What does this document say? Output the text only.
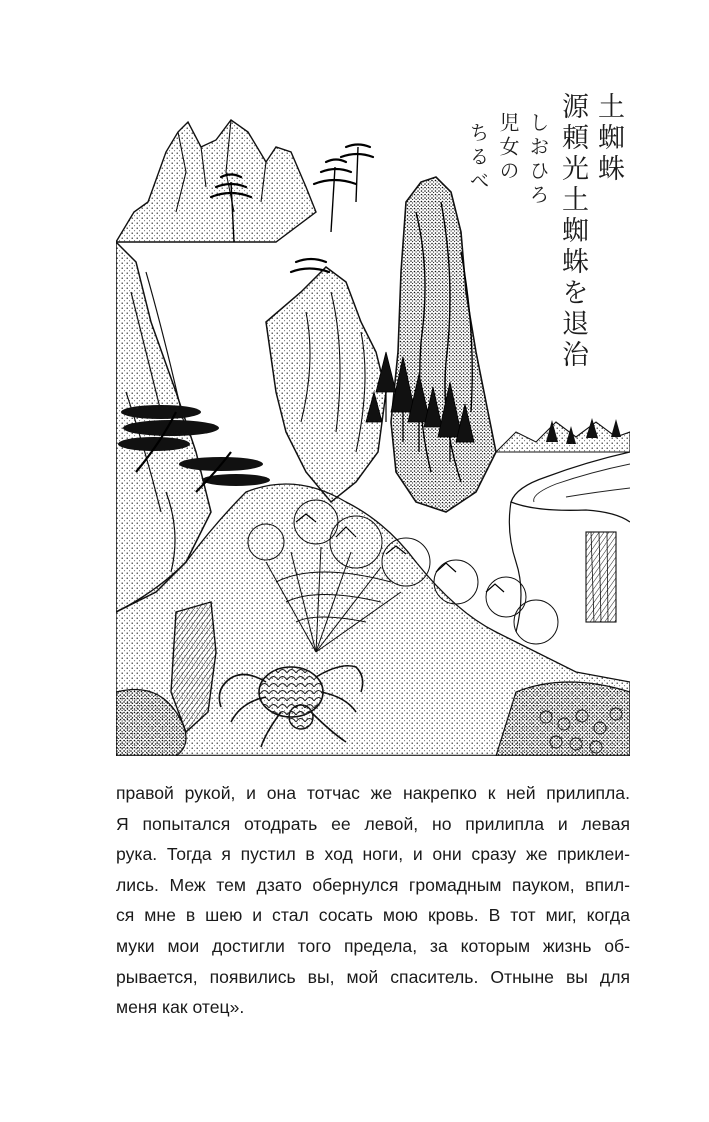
土蜘蛛
源頼光土蜘蛛を退治
しおひろ
児女の
ちるべ
правой рукой, и она тотчас же накрепко к ней прилипла.
Я попытался отодрать ее левой, но прилипла и левая
рука. Тогда я пустил в ход ноги, и они сразу же приклеи-
лись. Меж тем дзато обернулся громадным пауком, впил-
ся мне в шею и стал сосать мою кровь. В тот миг, когда
муки мои достигли того предела, за которым жизнь об-
рывается, появились вы, мой спаситель. Отныне вы для
меня как отец».
